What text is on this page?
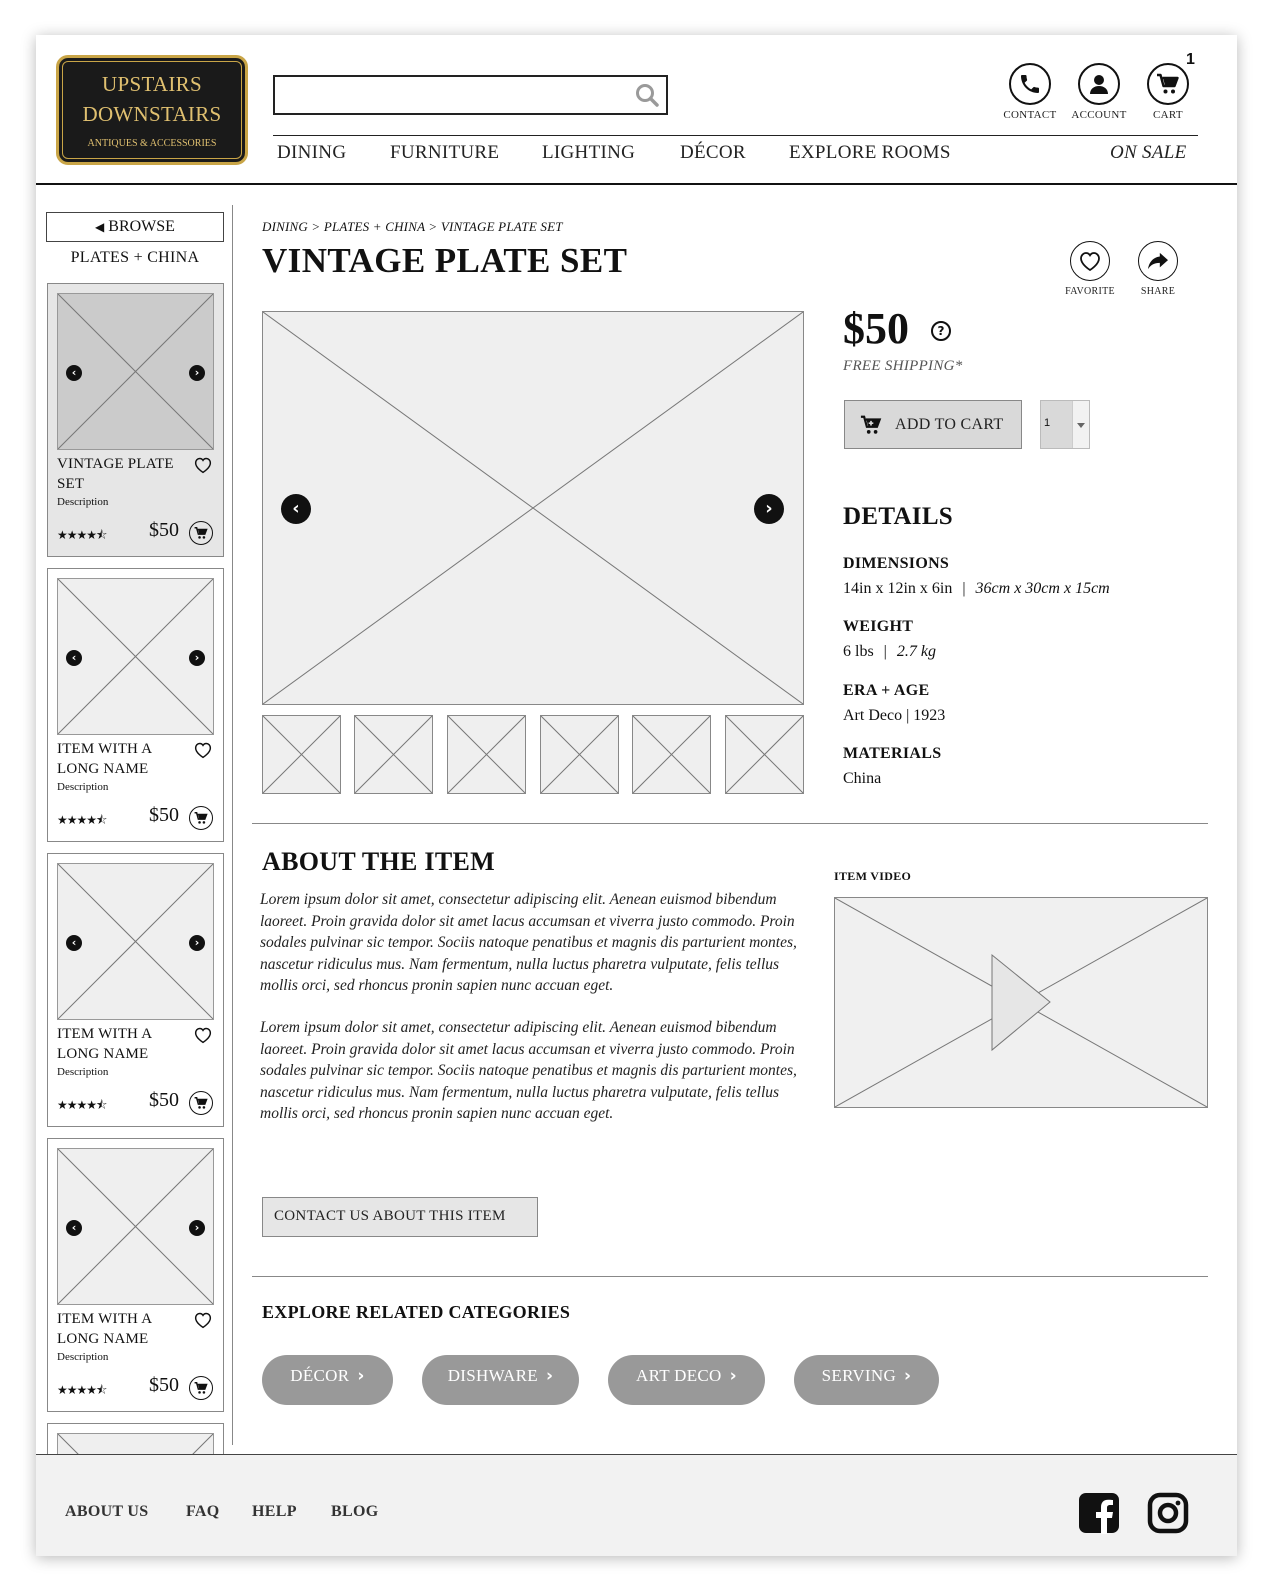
UPSTAIRS
DOWNSTAIRS
ANTIQUES & ACCESSORIES
CONTACT	ACCOUNT	CART
1
DINING FURNITURE LIGHTING DÉCOR EXPLORE ROOMS	ON SALE
◀ BROWSE
PLATES + CHINA
‹	›
VINTAGE PLATE SET
Description
★★★★⯪ $50
‹	›
ITEM WITH A LONG NAME
Description
★★★★⯪ $50
‹	›
ITEM WITH A LONG NAME
Description
★★★★⯪ $50
‹	›
ITEM WITH A LONG NAME
Description
★★★★⯪ $50
DINING > PLATES + CHINA > VINTAGE PLATE SET
VINTAGE PLATE SET
FAVORITE	SHARE
‹	›
$50	?
FREE SHIPPING*
ADD TO CART	1
DETAILS
DIMENSIONS
14in x 12in x 6in | 36cm x 30cm x 15cm
WEIGHT
6 lbs | 2.7 kg
ERA + AGE
Art Deco | 1923
MATERIALS
China
ABOUT THE ITEM
Lorem ipsum dolor sit amet, consectetur adipiscing elit. Aenean euismod bibendum laoreet. Proin gravida dolor sit amet lacus accumsan et viverra justo commodo. Proin sodales pulvinar sic tempor. Sociis natoque penatibus et magnis dis parturient montes, nascetur ridiculus mus. Nam fermentum, nulla luctus pharetra vulputate, felis tellus mollis orci, sed rhoncus pronin sapien nunc accuan eget.
Lorem ipsum dolor sit amet, consectetur adipiscing elit. Aenean euismod bibendum laoreet. Proin gravida dolor sit amet lacus accumsan et viverra justo commodo. Proin sodales pulvinar sic tempor. Sociis natoque penatibus et magnis dis parturient montes, nascetur ridiculus mus. Nam fermentum, nulla luctus pharetra vulputate, felis tellus mollis orci, sed rhoncus pronin sapien nunc accuan eget.
ITEM VIDEO
CONTACT US ABOUT THIS ITEM
EXPLORE RELATED CATEGORIES
DÉCOR ›	DISHWARE ›	ART DECO ›	SERVING ›
ABOUT US FAQ HELP BLOG
